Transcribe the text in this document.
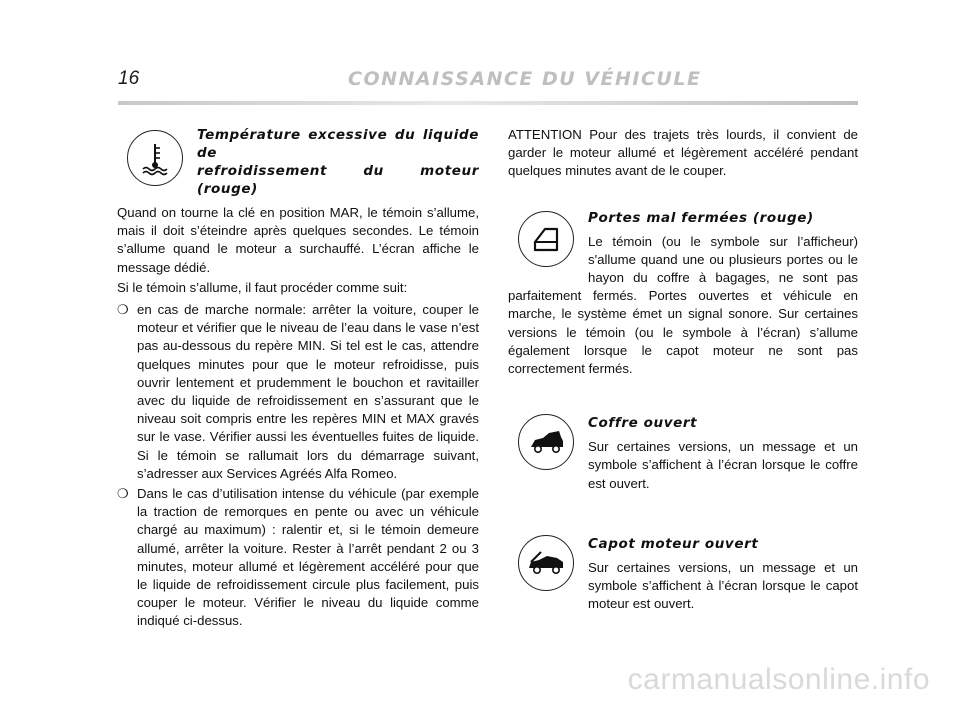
16	CONNAISSANCE DU VÉHICULE
Température excessive du liquide de
refroidissement du moteur (rouge)

Quand on tourne la clé en position MAR, le témoin s’allume, mais il doit s’éteindre après quelques secondes. Le témoin s’allume quand le moteur a surchauffé. L’écran affiche le message dédié.

Si le témoin s’allume, il faut procéder comme suit:

❍ en cas de marche normale: arrêter la voiture, couper le moteur et vérifier que le niveau de l’eau dans le vase n’est pas au-dessous du repère MIN. Si tel est le cas, attendre quelques minutes pour que le moteur refroidisse, puis ouvrir lentement et prudemment le bouchon et ravitailler avec du liquide de refroidissement en s’assurant que le niveau soit compris entre les repères MIN et MAX gravés sur le vase. Vérifier aussi les éventuelles fuites de liquide. Si le témoin se rallumait lors du démarrage suivant, s’adresser aux Services Agréés Alfa Romeo.
❍ Dans le cas d’utilisation intense du véhicule (par exemple la traction de remorques en pente ou avec un véhicule chargé au maximum) : ralentir et, si le témoin demeure allumé, arrêter la voiture. Rester à l’arrêt pendant 2 ou 3 minutes, moteur allumé et légèrement accéléré pour que le liquide de refroidissement circule plus facilement, puis couper le moteur. Vérifier le niveau du liquide comme indiqué ci-dessus.

ATTENTION Pour des trajets très lourds, il convient de garder le moteur allumé et légèrement accéléré pendant quelques minutes avant de le couper.

Portes mal fermées (rouge)

Le témoin (ou le symbole sur l’afficheur) s'allume quand une ou plusieurs portes ou le hayon du coffre à bagages, ne sont pas parfaitement fermés. Portes ouvertes et véhicule en marche, le système émet un signal sonore. Sur certaines versions le témoin (ou le symbole à l’écran) s’allume également lorsque le capot moteur ne sont pas correctement fermés.

Coffre ouvert

Sur certaines versions, un message et un symbole s’affichent à l’écran lorsque le coffre est ouvert.

Capot moteur ouvert

Sur certaines versions, un message et un symbole s’affichent à l’écran lorsque le capot moteur est ouvert.

carmanualsonline.info
